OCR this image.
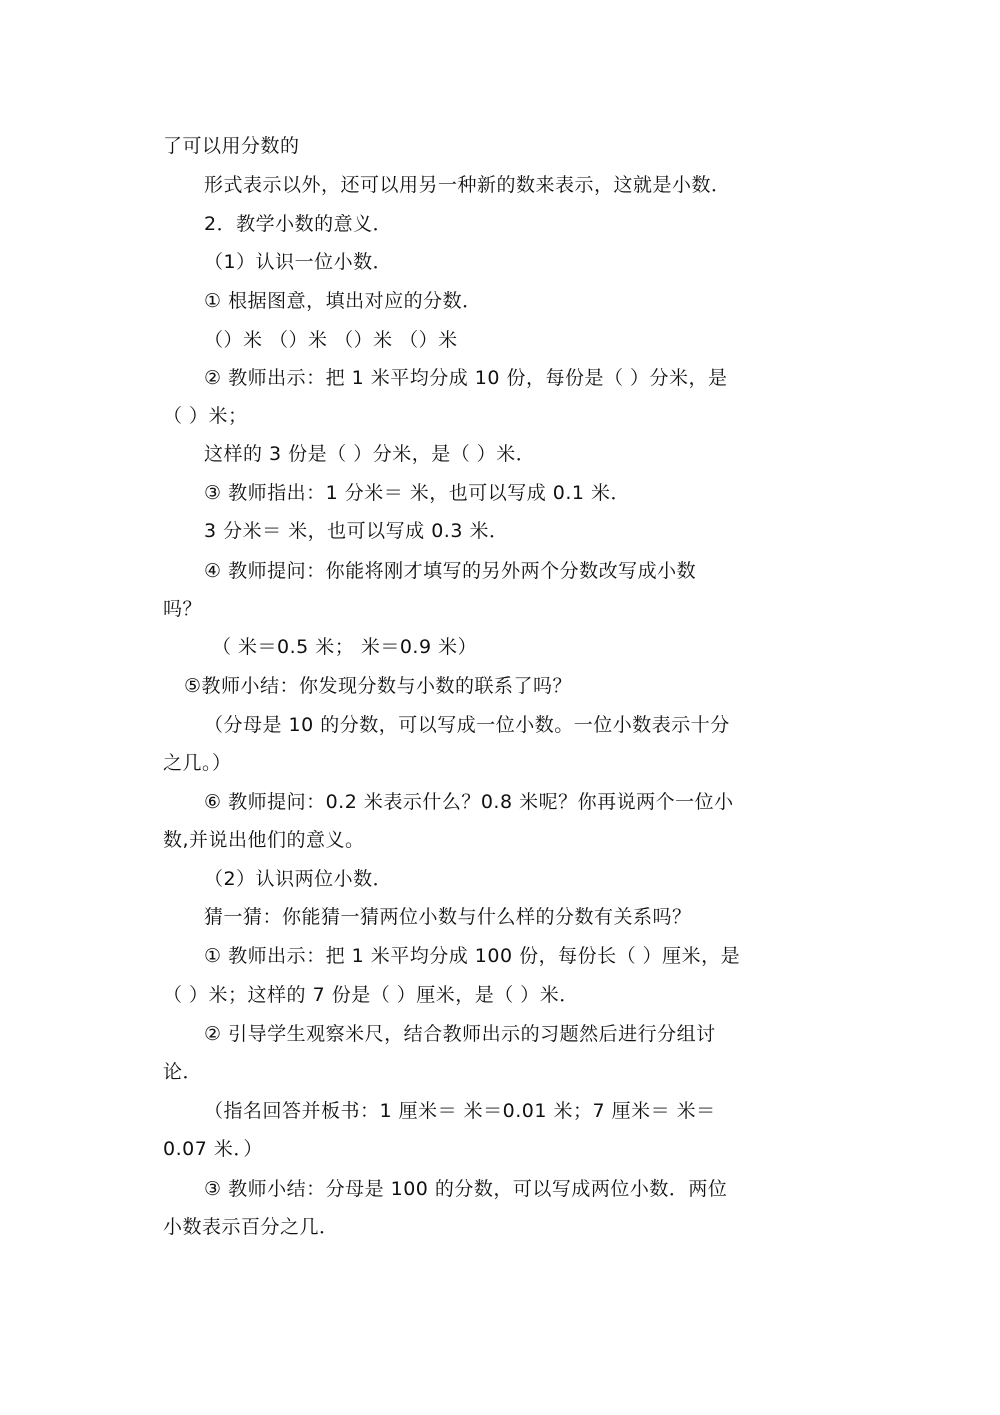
了可以用分数的
形式表示以外，还可以用另一种新的数来表示，这就是小数．
2．教学小数的意义．
（1）认识一位小数．
① 根据图意，填出对应的分数．
（）米 （）米 （）米 （）米
② 教师出示：把 1 米平均分成 10 份，每份是（ ）分米，是
（ ）米；
这样的 3 份是（ ）分米，是（ ）米．
③ 教师指出：1 分米＝ 米，也可以写成 0.1 米．
3 分米＝ 米，也可以写成 0.3 米．
④ 教师提问：你能将刚才填写的另外两个分数改写成小数
吗？
（ 米＝0.5 米； 米＝0.9 米）
⑤教师小结：你发现分数与小数的联系了吗？
（分母是 10 的分数，可以写成一位小数。一位小数表示十分
之几。）
⑥ 教师提问：0.2 米表示什么？0.8 米呢？你再说两个一位小
数,并说出他们的意义。
（2）认识两位小数．
猜一猜：你能猜一猜两位小数与什么样的分数有关系吗？
① 教师出示：把 1 米平均分成 100 份，每份长（ ）厘米，是
（ ）米；这样的 7 份是（ ）厘米，是（ ）米．
② 引导学生观察米尺，结合教师出示的习题然后进行分组讨
论．
（指名回答并板书：1 厘米＝ 米＝0.01 米；7 厘米＝ 米＝
0.07 米．）
③ 教师小结：分母是 100 的分数，可以写成两位小数．两位
小数表示百分之几．
